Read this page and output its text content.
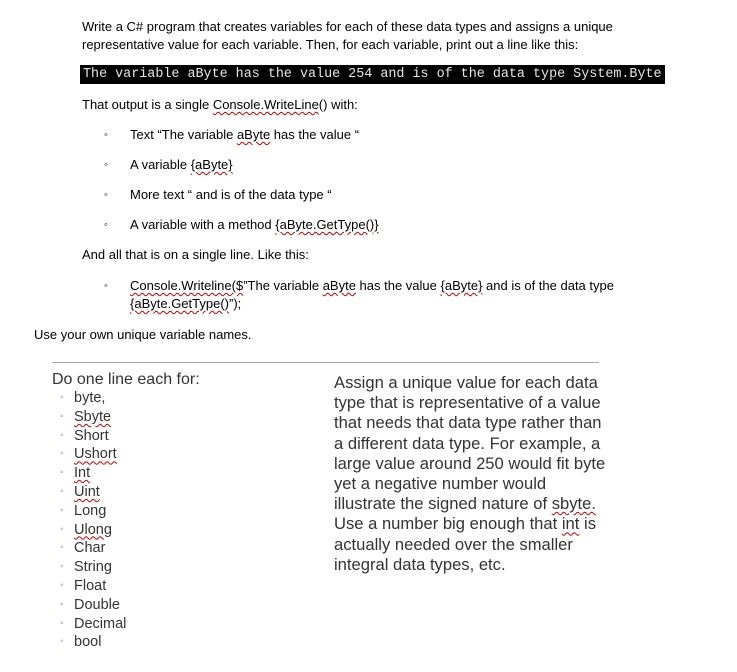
Write a C# program that creates variables for each of these data types and assigns a unique
representative value for each variable. Then, for each variable, print out a line like this:
The variable aByte has the value 254 and is of the data type System.Byte
That output is a single Console.WriteLine() with:
◦ Text “The variable aByte has the value “
◦ A variable {aByte}
◦ More text “ and is of the data type “
◦ A variable with a method {aByte.GetType()}
And all that is on a single line. Like this:
◦ Console.Writeline($”The variable aByte has the value {aByte} and is of the data type
{aByte.GetType()”);
Use your own unique variable names.
Do one line each for:
◦ byte,
◦ Sbyte
◦ Short
◦ Ushort
◦ Int
◦ Uint
◦ Long
◦ Ulong
◦ Char
◦ String
◦ Float
◦ Double
◦ Decimal
◦ bool

Assign a unique value for each data type that is representative of a value that needs that data type rather than a different data type. For example, a large value around 250 would fit byte yet a negative number would illustrate the signed nature of sbyte. Use a number big enough that int is actually needed over the smaller integral data types, etc.
